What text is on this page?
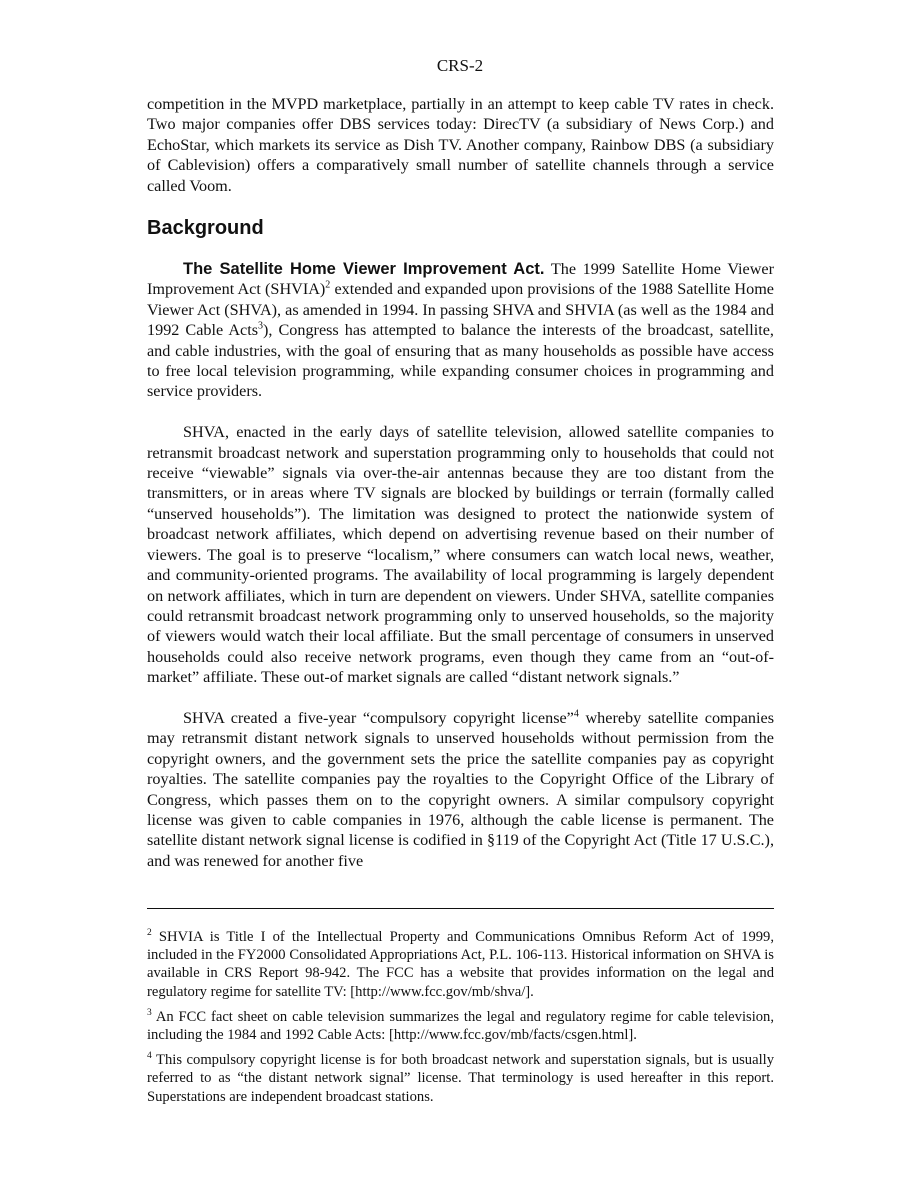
CRS-2

competition in the MVPD marketplace, partially in an attempt to keep cable TV rates in check. Two major companies offer DBS services today: DirecTV (a subsidiary of News Corp.) and EchoStar, which markets its service as Dish TV. Another company, Rainbow DBS (a subsidiary of Cablevision) offers a comparatively small number of satellite channels through a service called Voom.

Background

The Satellite Home Viewer Improvement Act. The 1999 Satellite Home Viewer Improvement Act (SHVIA)$^2$ extended and expanded upon provisions of the 1988 Satellite Home Viewer Act (SHVA), as amended in 1994. In passing SHVA and SHVIA (as well as the 1984 and 1992 Cable Acts$^3$), Congress has attempted to balance the interests of the broadcast, satellite, and cable industries, with the goal of ensuring that as many households as possible have access to free local television programming, while expanding consumer choices in programming and service providers.

SHVA, enacted in the early days of satellite television, allowed satellite companies to retransmit broadcast network and superstation programming only to households that could not receive “viewable” signals via over-the-air antennas because they are too distant from the transmitters, or in areas where TV signals are blocked by buildings or terrain (formally called “unserved households”). The limitation was designed to protect the nationwide system of broadcast network affiliates, which depend on advertising revenue based on their number of viewers. The goal is to preserve “localism,” where consumers can watch local news, weather, and community-oriented programs. The availability of local programming is largely dependent on network affiliates, which in turn are dependent on viewers. Under SHVA, satellite companies could retransmit broadcast network programming only to unserved households, so the majority of viewers would watch their local affiliate. But the small percentage of consumers in unserved households could also receive network programs, even though they came from an “out-of-market” affiliate. These out-of market signals are called “distant network signals.”

SHVA created a five-year “compulsory copyright license”$^4$ whereby satellite companies may retransmit distant network signals to unserved households without permission from the copyright owners, and the government sets the price the satellite companies pay as copyright royalties. The satellite companies pay the royalties to the Copyright Office of the Library of Congress, which passes them on to the copyright owners. A similar compulsory copyright license was given to cable companies in 1976, although the cable license is permanent. The satellite distant network signal license is codified in §119 of the Copyright Act (Title 17 U.S.C.), and was renewed for another five

$^2$ SHVIA is Title I of the Intellectual Property and Communications Omnibus Reform Act of 1999, included in the FY2000 Consolidated Appropriations Act, P.L. 106-113. Historical information on SHVA is available in CRS Report 98-942. The FCC has a website that provides information on the legal and regulatory regime for satellite TV: [http://www.fcc.gov/mb/shva/].

$^3$ An FCC fact sheet on cable television summarizes the legal and regulatory regime for cable television, including the 1984 and 1992 Cable Acts: [http://www.fcc.gov/mb/facts/csgen.html].

$^4$ This compulsory copyright license is for both broadcast network and superstation signals, but is usually referred to as “the distant network signal” license. That terminology is used hereafter in this report. Superstations are independent broadcast stations.
